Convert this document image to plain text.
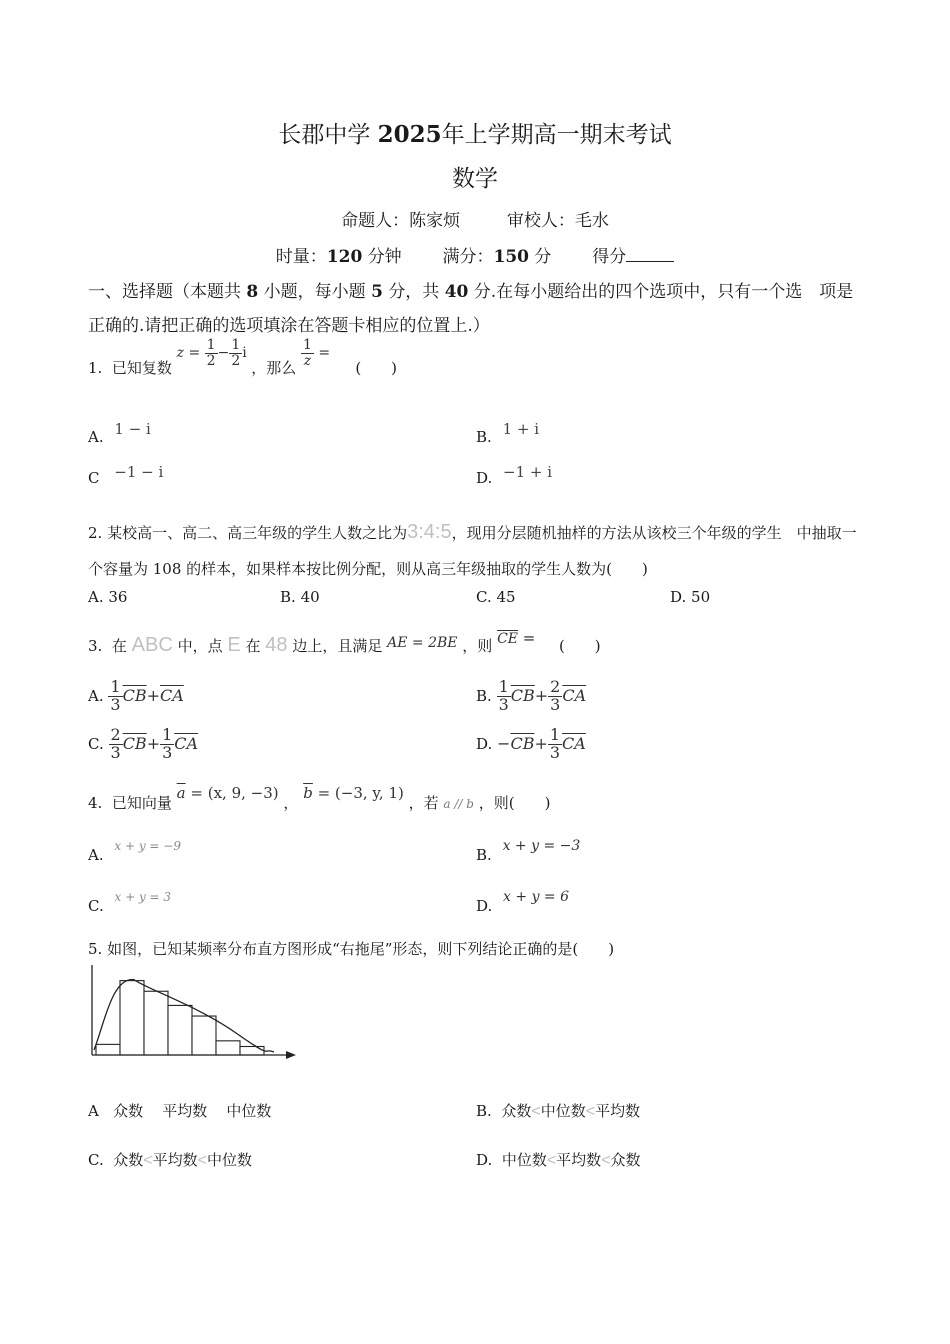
长郡中学 2025年上学期高一期末考试
数学
命题人：陈家烦	审校人：毛水
时量：120 分钟 满分：150 分 得分
一、选择题（本题共 8 小题，每小题 5 分，共 40 分.在每小题给出的四个选项中，只有一个选　项是正确的.请把正确的选项填涂在答题卡相应的位置上.）
1. 已知复数 $z = \frac{1}{2} - \frac{1}{2}$ i ，那么 $\frac{1}{z}$ =  (　　)
A. 1 − i	B. 1 + i
C −1 − i	D. −1 + i
2. 某校高一、高二、高三年级的学生人数之比为3:4:5，现用分层随机抽样的方法从该校三个年级的学生　中抽取一个容量为 108 的样本，如果样本按比例分配，则从高三年级抽取的学生人数为(　　)
A. 36	B. 40	C. 45	D. 50
3. 在 ABC 中，点 E 在 48 边上，且满足 AE = 2BE ，则 $\overline{CE}$ = (　　)
A. $\frac{1}{3} \overline{CB}+\overline{CA}$	B. $\frac{1}{3} \overline{CB}+ \frac{2}{3} \overline{CA}$
C. $\frac{2}{3} \overline{CB}+ \frac{1}{3} \overline{CA}$	D. $-\overline{CB}+ \frac{1}{3} \overline{CA}$
4. 已知向量 $\overline{a} = (x$, 9, −3) ， $\overline{b} = (-3$, y, 1) ，若 a // b ，则(　　)
A. $^{x + y = -9}$	B. x + y = −3
C. $^{x + y = 3}$	D. x + y = 6
5. 如图，已知某频率分布直方图形成“右拖尾”形态，则下列结论正确的是(　　)
A 众数 平均数 中位数	B. 众数<中位数<平均数
C. 众数<平均数<中位数	D. 中位数<平均数<众数
